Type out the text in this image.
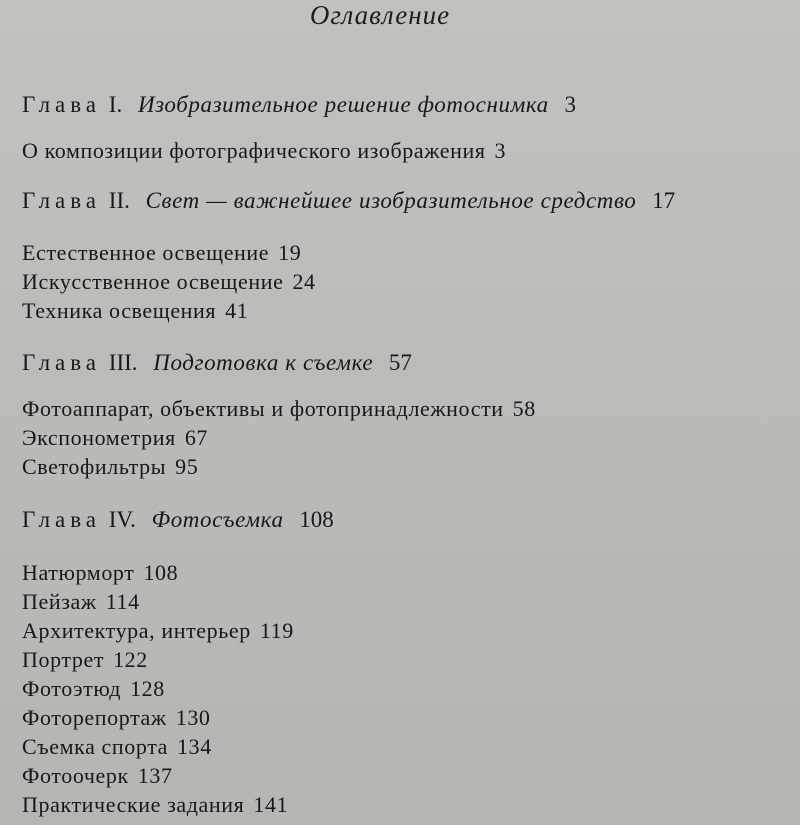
Оглавление
Глава I. Изобразительное решение фотоснимка 3
О композиции фотографического изображения 3
Глава II. Свет — важнейшее изобразительное средство 17
Естественное освещение 19
Искусственное освещение 24
Техника освещения 41
Глава III. Подготовка к съемке 57
Фотоаппарат, объективы и фотопринадлежности 58
Экспонометрия 67
Светофильтры 95
Глава IV. Фотосъемка 108
Натюрморт 108
Пейзаж 114
Архитектура, интерьер 119
Портрет 122
Фотоэтюд 128
Фоторепортаж 130
Съемка спорта 134
Фотоочерк 137
Практические задания 141
